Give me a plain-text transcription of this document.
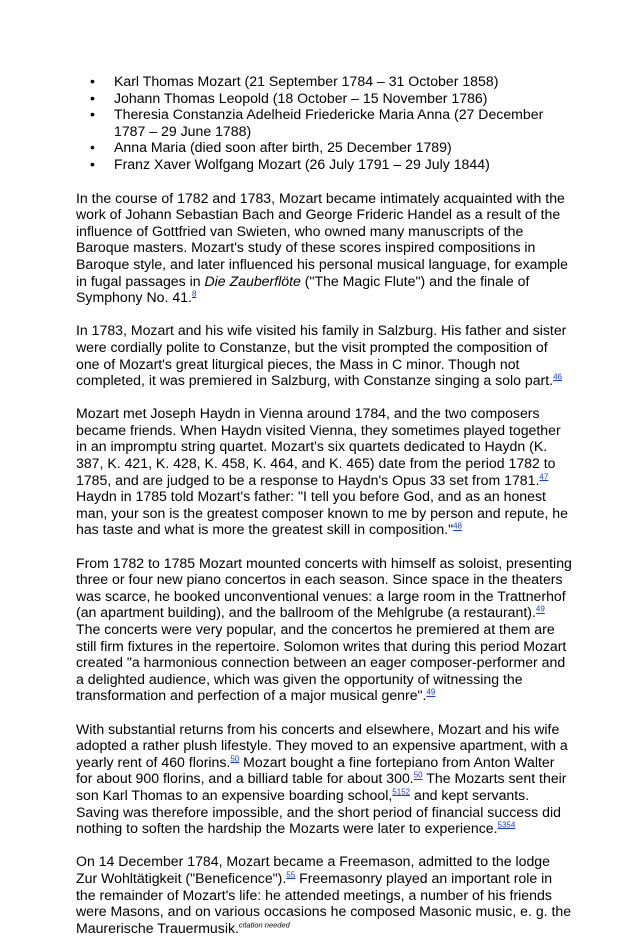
• Karl Thomas Mozart (21 September 1784 – 31 October 1858)
• Johann Thomas Leopold (18 October – 15 November 1786)
• Theresia Constanzia Adelheid Friedericke Maria Anna (27 December 1787 – 29 June 1788)
• Anna Maria (died soon after birth, 25 December 1789)
• Franz Xaver Wolfgang Mozart (26 July 1791 – 29 July 1844)

In the course of 1782 and 1783, Mozart became intimately acquainted with the work of Johann Sebastian Bach and George Frideric Handel as a result of the influence of Gottfried van Swieten, who owned many manuscripts of the Baroque masters. Mozart's study of these scores inspired compositions in Baroque style, and later influenced his personal musical language, for example in fugal passages in Die Zauberflöte ("The Magic Flute") and the finale of Symphony No. 41.$^8$

In 1783, Mozart and his wife visited his family in Salzburg. His father and sister were cordially polite to Constanze, but the visit prompted the composition of one of Mozart's great liturgical pieces, the Mass in C minor. Though not completed, it was premiered in Salzburg, with Constanze singing a solo part.$^{46}$

Mozart met Joseph Haydn in Vienna around 1784, and the two composers became friends. When Haydn visited Vienna, they sometimes played together in an impromptu string quartet. Mozart's six quartets dedicated to Haydn (K. 387, K. 421, K. 428, K. 458, K. 464, and K. 465) date from the period 1782 to 1785, and are judged to be a response to Haydn's Opus 33 set from 1781.47 Haydn in 1785 told Mozart's father: "I tell you before God, and as an honest man, your son is the greatest composer known to me by person and repute, he has taste and what is more the greatest skill in composition."$^{48}$

From 1782 to 1785 Mozart mounted concerts with himself as soloist, presenting three or four new piano concertos in each season. Since space in the theaters was scarce, he booked unconventional venues: a large room in the Trattnerhof (an apartment building), and the ballroom of the Mehlgrube (a restaurant).$^{49}$ The concerts were very popular, and the concertos he premiered at them are still firm fixtures in the repertoire. Solomon writes that during this period Mozart created "a harmonious connection between an eager composer-performer and a delighted audience, which was given the opportunity of witnessing the transformation and perfection of a major musical genre".$^{49}$

With substantial returns from his concerts and elsewhere, Mozart and his wife adopted a rather plush lifestyle. They moved to an expensive apartment, with a yearly rent of 460 florins.$^{50}$ Mozart bought a fine fortepiano from Anton Walter for about 900 florins, and a billiard table for about 300.50 The Mozarts sent their son Karl Thomas to an expensive boarding school,$^{5152}$ and kept servants. Saving was therefore impossible, and the short period of financial success did nothing to soften the hardship the Mozarts were later to experience.$^{5354}$

On 14 December 1784, Mozart became a Freemason, admitted to the lodge Zur Wohltätigkeit ("Beneficence").$^{55}$ Freemasonry played an important role in the remainder of Mozart's life: he attended meetings, a number of his friends were Masons, and on various occasions he composed Masonic music, e. g. the Maurerische Trauermusik.$^{citation needed}$
